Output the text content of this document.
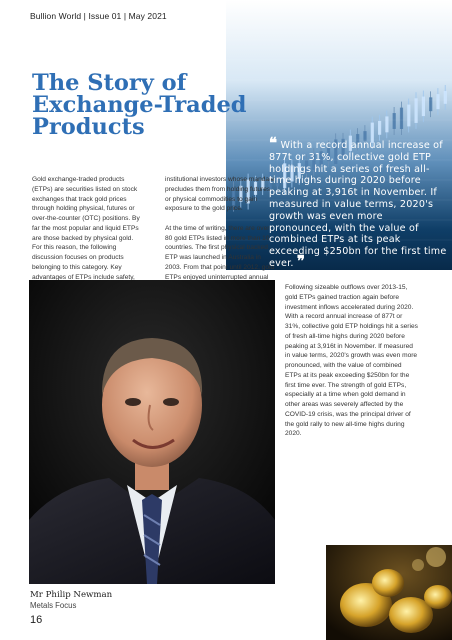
Bullion World | Issue 01 | May 2021
The Story of
Exchange-Traded
Products

Gold exchange-traded products (ETPs) are securities listed on stock exchanges that track gold prices through holding physical, futures or over-the-counter (OTC) positions. By far the most popular and liquid ETPs are those backed by physical gold. For this reason, the following discussion focuses on products belonging to this category. Key advantages of ETPs include safety,

institutional investors whose mandate precludes them from holding futures or physical commodities to gain exposure to the gold price.

At the time of writing, there are over 80 gold ETPs listed in more than 10 countries. The first physical backed ETP was launched in Australia in 2003. From that point until 2012, gold ETPs enjoyed uninterrupted annual

❝ With a record annual increase of 877t or 31%, collective gold ETP holdings hit a series of fresh all-time highs during 2020 before peaking at 3,916t in November. If measured in value terms, 2020's growth was even more pronounced, with the value of combined ETPs at its peak exceeding $250bn for the first time ever. ❞

Following sizeable outflows over 2013-15, gold ETPs gained traction again before investment inflows accelerated during 2020. With a record annual increase of 877t or 31%, collective gold ETP holdings hit a series of fresh all-time highs during 2020 before peaking at 3,916t in November. If measured in value terms, 2020's growth was even more pronounced, with the value of combined ETPs at its peak exceeding $250bn for the first time ever. The strength of gold ETPs, especially at a time when gold demand in other areas was severely affected by the COVID-19 crisis, was the principal driver of the gold rally to new all-time highs during 2020.

Mr Philip Newman
Metals Focus
16
